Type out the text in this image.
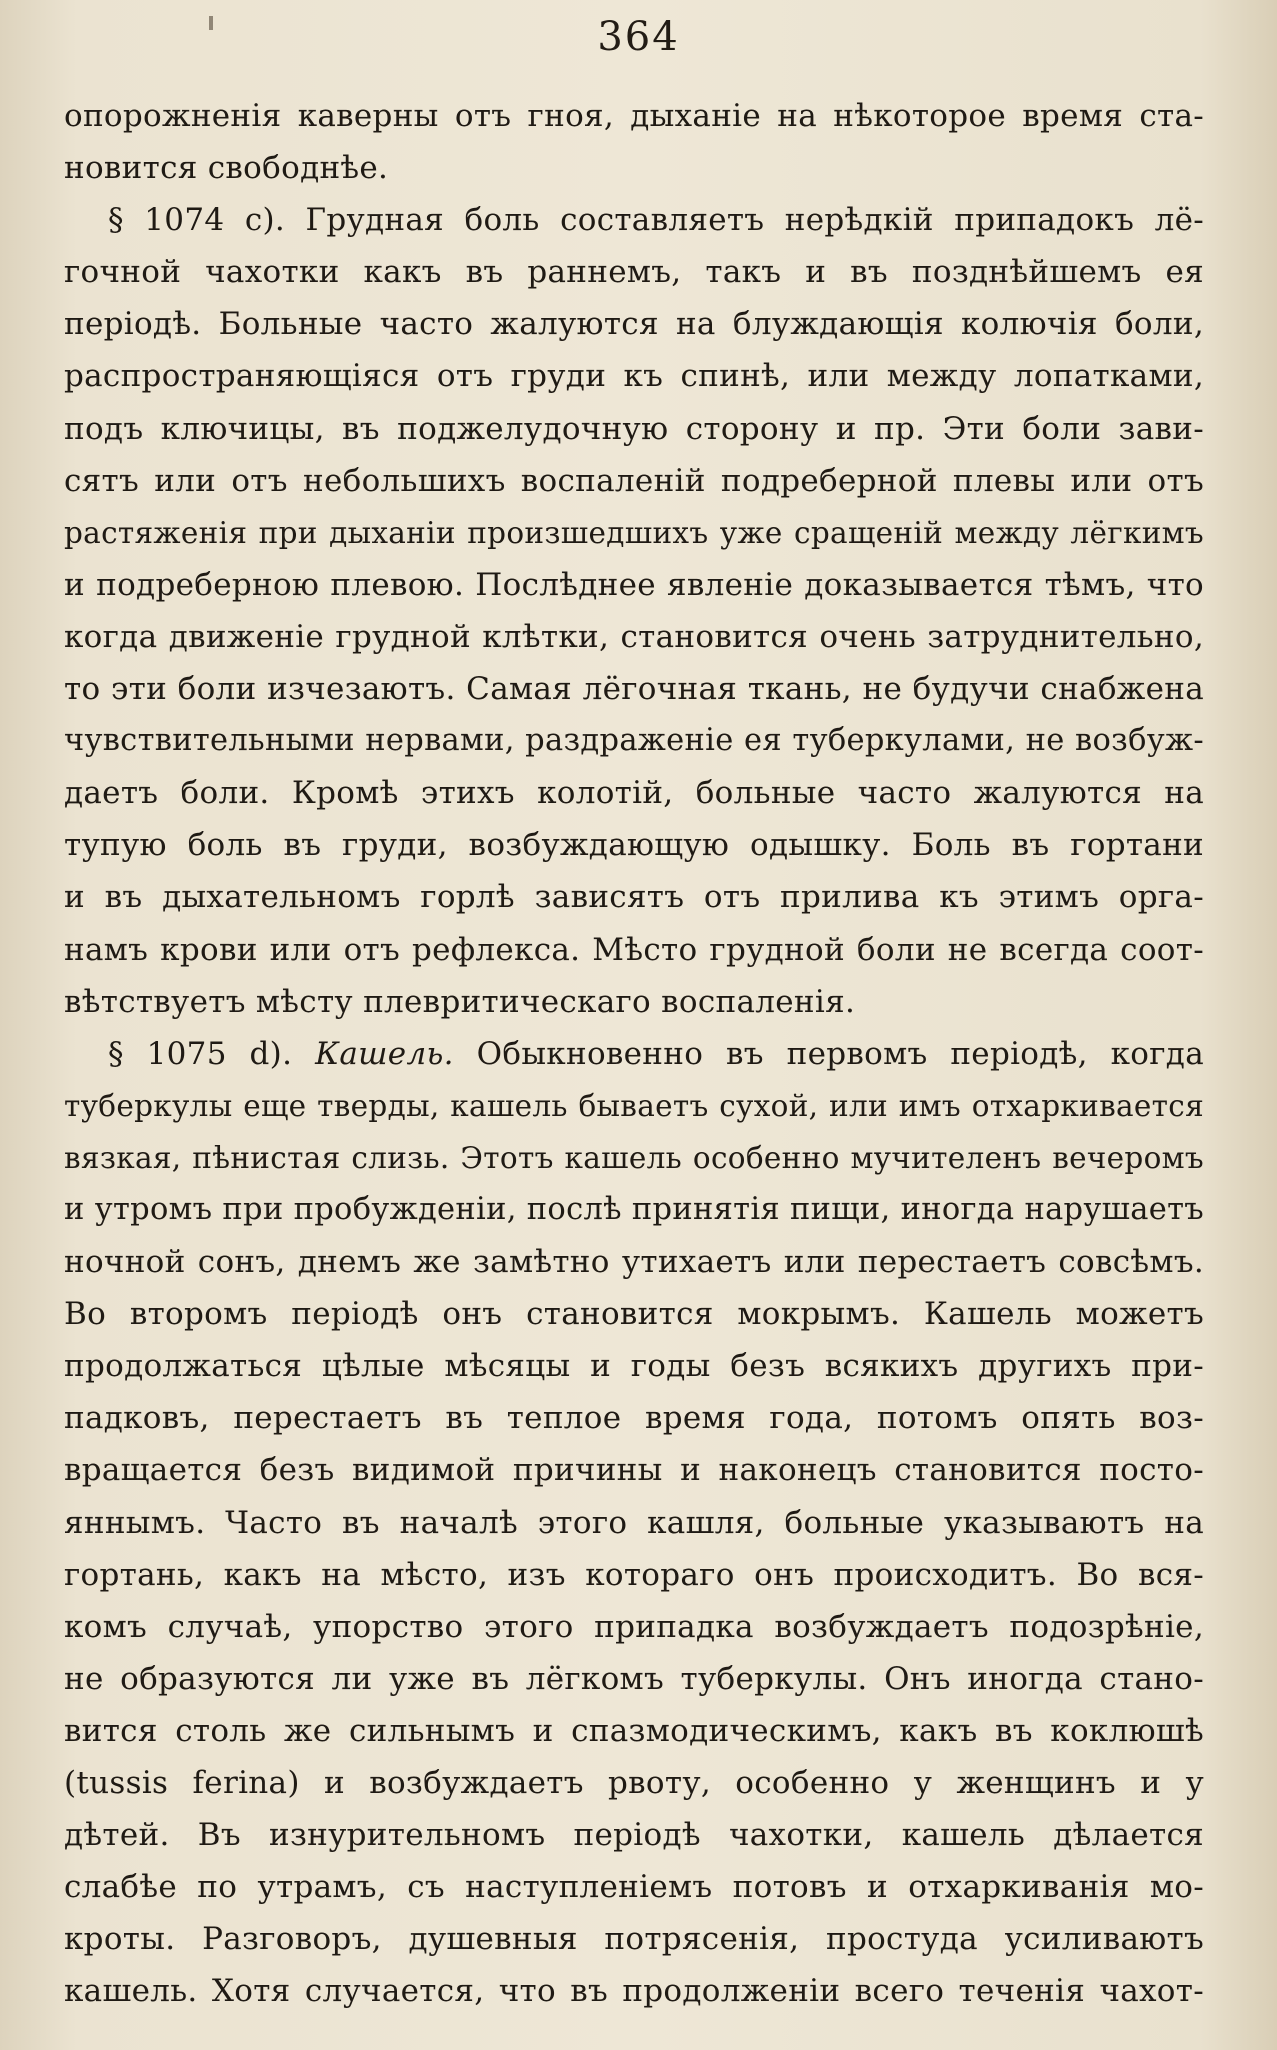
364
опорожненія каверны отъ гноя, дыханіе на нѣкоторое время ста-
новится свободнѣе.
§ 1074 c). Грудная боль составляетъ нерѣдкій припадокъ лё-
гочной чахотки какъ въ раннемъ, такъ и въ позднѣйшемъ ея
періодѣ. Больные часто жалуются на блуждающія колючія боли,
распространяющіяся отъ груди къ спинѣ, или между лопатками,
подъ ключицы, въ поджелудочную сторону и пр. Эти боли зави-
сятъ или отъ небольшихъ воспаленій подреберной плевы или отъ
растяженія при дыханіи произшедшихъ уже сращеній между лёгкимъ
и подреберною плевою. Послѣднее явленіе доказывается тѣмъ, что
когда движеніе грудной клѣтки, становится очень затруднительно,
то эти боли изчезаютъ. Самая лёгочная ткань, не будучи снабжена
чувствительными нервами, раздраженіе ея туберкулами, не возбуж-
даетъ боли. Кромѣ этихъ колотій, больные часто жалуются на
тупую боль въ груди, возбуждающую одышку. Боль въ гортани
и въ дыхательномъ горлѣ зависятъ отъ прилива къ этимъ орга-
намъ крови или отъ рефлекса. Мѣсто грудной боли не всегда соот-
вѣтствуетъ мѣсту плевритическаго воспаленія.
§ 1075 d). Кашель. Обыкновенно въ первомъ періодѣ, когда
туберкулы еще тверды, кашель бываетъ сухой, или имъ отхаркивается
вязкая, пѣнистая слизь. Этотъ кашель особенно мучителенъ вечеромъ
и утромъ при пробужденіи, послѣ принятія пищи, иногда нарушаетъ
ночной сонъ, днемъ же замѣтно утихаетъ или перестаетъ совсѣмъ.
Во второмъ періодѣ онъ становится мокрымъ. Кашель можетъ
продолжаться цѣлые мѣсяцы и годы безъ всякихъ другихъ при-
падковъ, перестаетъ въ теплое время года, потомъ опять воз-
вращается безъ видимой причины и наконецъ становится посто-
яннымъ. Часто въ началѣ этого кашля, больные указываютъ на
гортань, какъ на мѣсто, изъ котораго онъ происходитъ. Во вся-
комъ случаѣ, упорство этого припадка возбуждаетъ подозрѣніе,
не образуются ли уже въ лёгкомъ туберкулы. Онъ иногда стано-
вится столь же сильнымъ и спазмодическимъ, какъ въ коклюшѣ
(tussis ferina) и возбуждаетъ рвоту, особенно у женщинъ и у
дѣтей. Въ изнурительномъ періодѣ чахотки, кашель дѣлается
слабѣе по утрамъ, съ наступленіемъ потовъ и отхаркиванія мо-
кроты. Разговоръ, душевныя потрясенія, простуда усиливаютъ
кашель. Хотя случается, что въ продолженіи всего теченія чахот-
